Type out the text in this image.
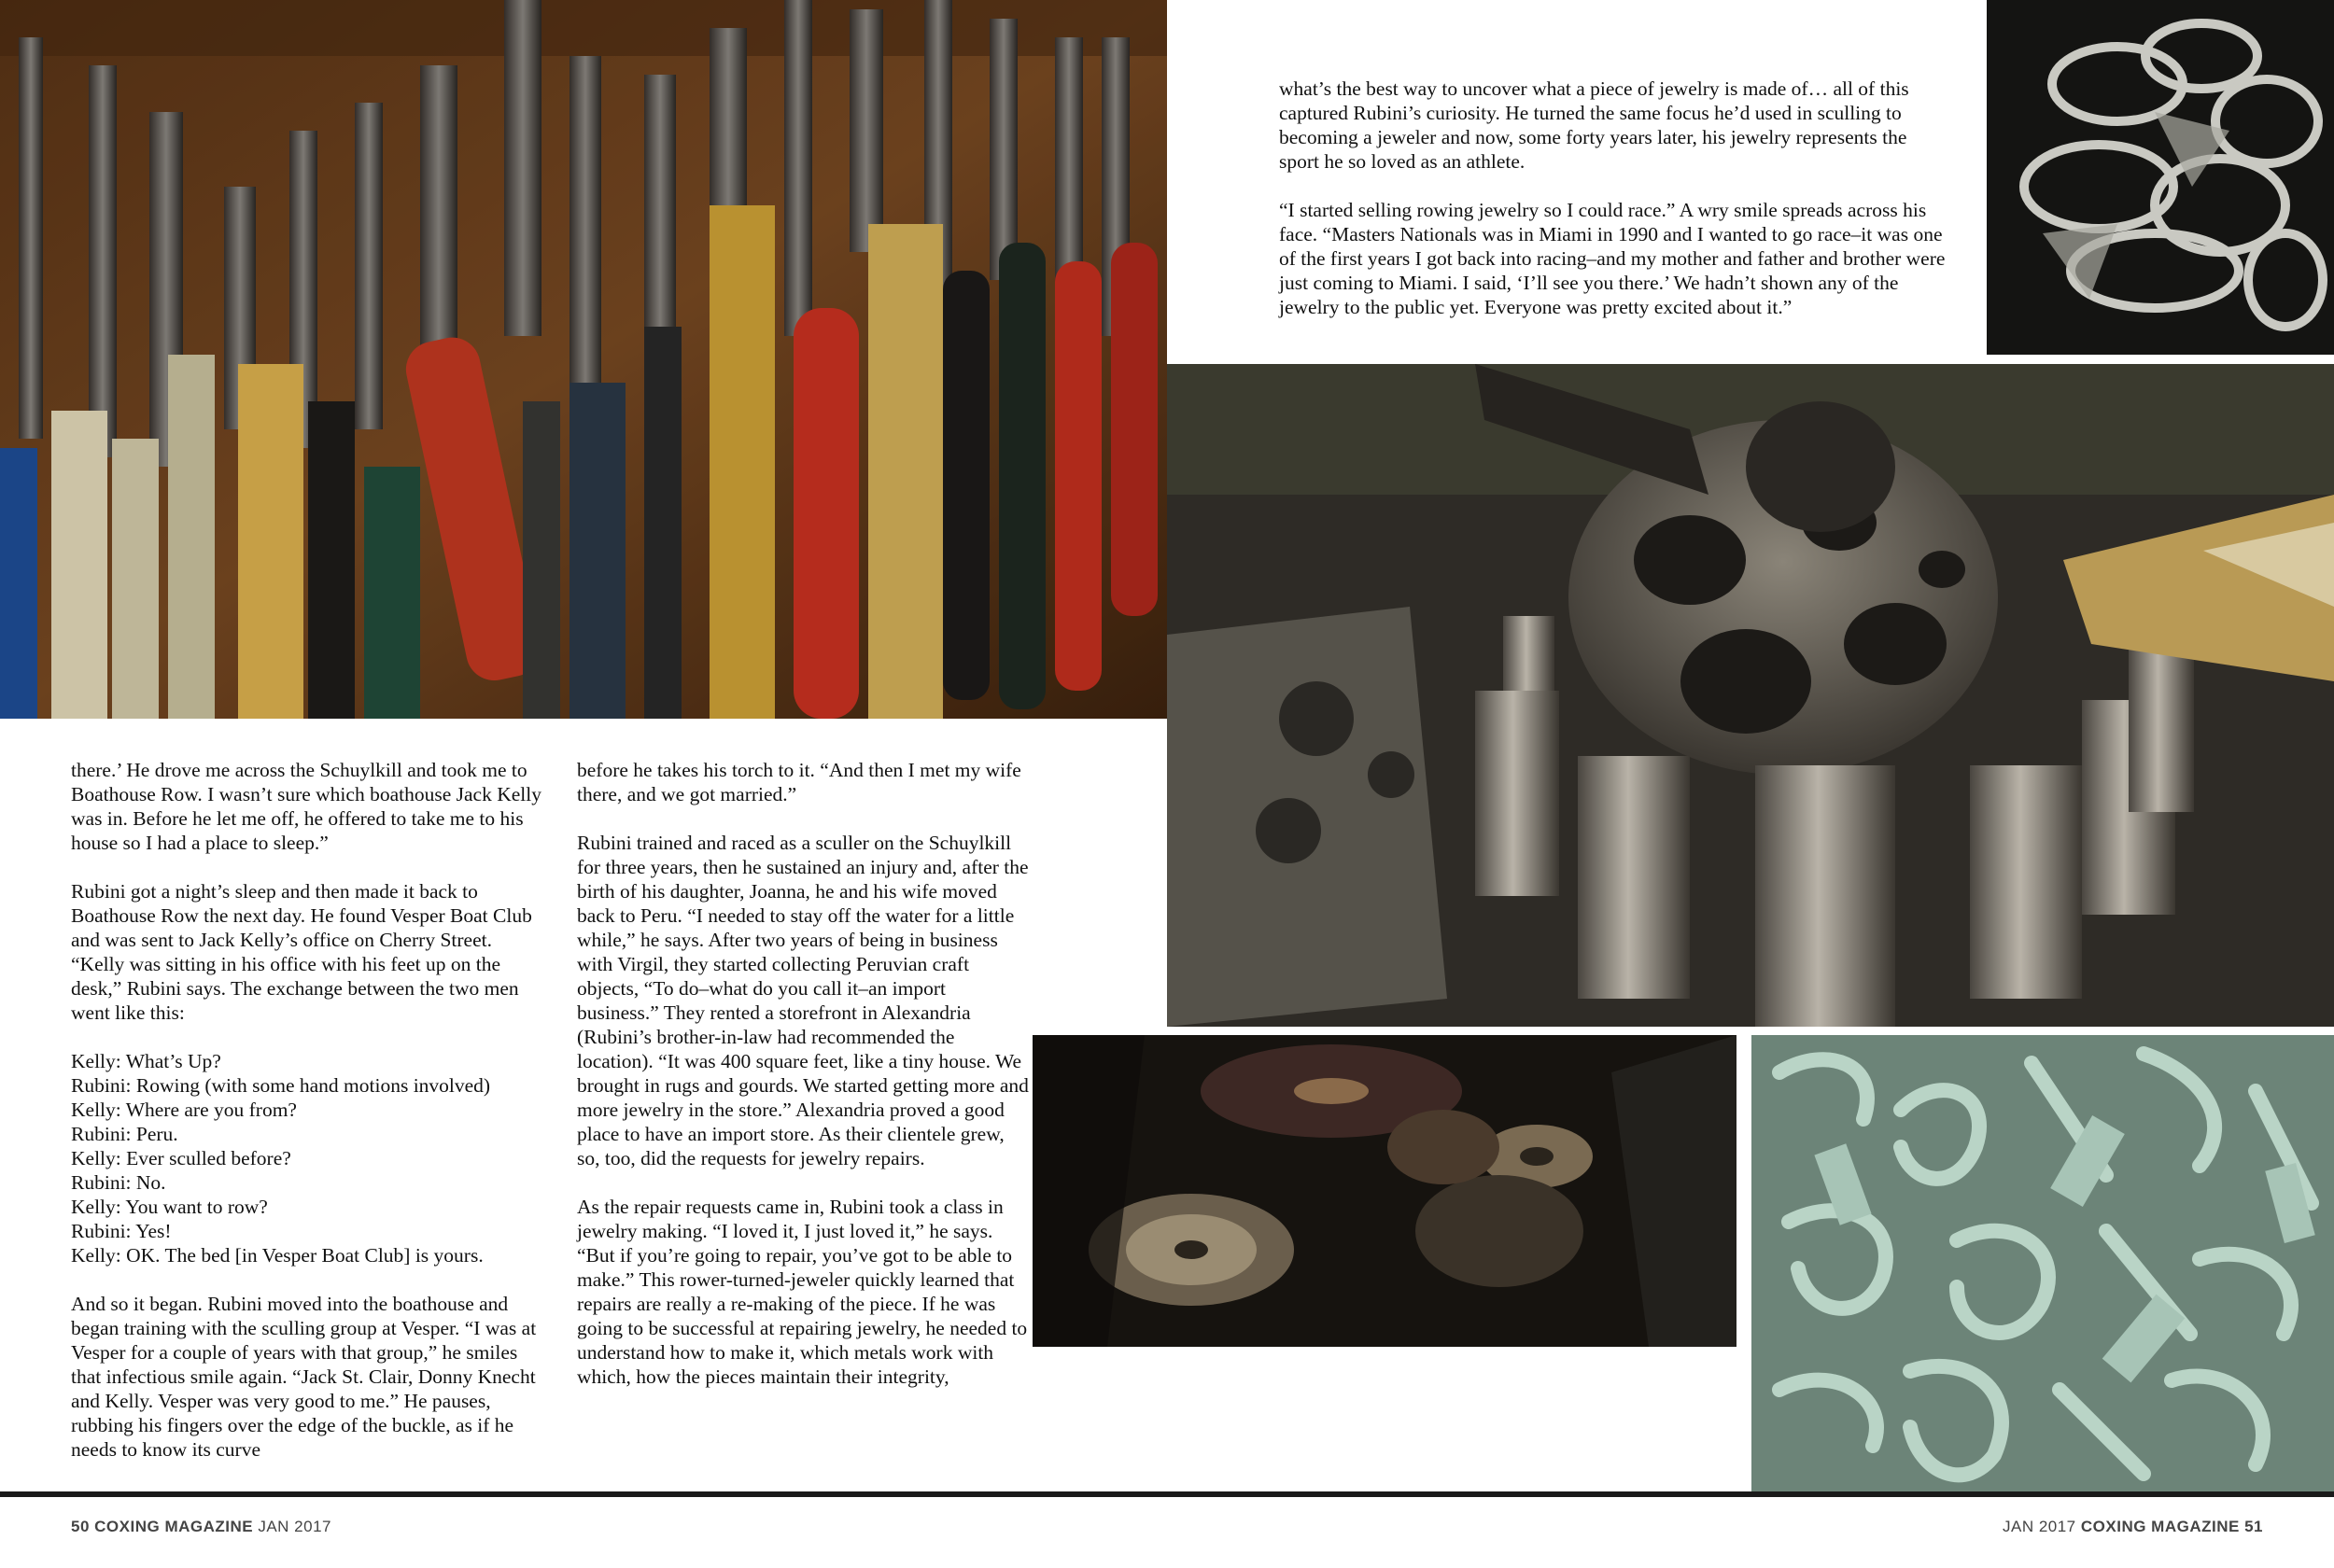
what’s the best way to uncover what a piece of jewelry is made of… all of this captured Rubini’s curiosity. He turned the same focus he’d used in sculling to becoming a jeweler and now, some forty years later, his jewelry represents the sport he so loved as an athlete.

“I started selling rowing jewelry so I could race.” A wry smile spreads across his face. “Masters Nationals was in Miami in 1990 and I wanted to go race–it was one of the first years I got back into racing–and my mother and father and brother were just coming to Miami. I said, ‘I’ll see you there.’ We hadn’t shown any of the jewelry to the public yet. Everyone was pretty excited about it.”

there.’ He drove me across the Schuylkill and took me to Boathouse Row. I wasn’t sure which boathouse Jack Kelly was in. Before he let me off, he offered to take me to his house so I had a place to sleep.”

Rubini got a night’s sleep and then made it back to Boathouse Row the next day. He found Vesper Boat Club and was sent to Jack Kelly’s office on Cherry Street. “Kelly was sitting in his office with his feet up on the desk,” Rubini says. The exchange between the two men went like this:

Kelly: What’s Up?
Rubini: Rowing (with some hand motions involved)
Kelly: Where are you from?
Rubini: Peru.
Kelly: Ever sculled before?
Rubini: No.
Kelly: You want to row?
Rubini: Yes!
Kelly: OK. The bed [in Vesper Boat Club] is yours.

And so it began. Rubini moved into the boathouse and began training with the sculling group at Vesper. “I was at Vesper for a couple of years with that group,” he smiles that infectious smile again. “Jack St. Clair, Donny Knecht and Kelly. Vesper was very good to me.” He pauses, rubbing his fingers over the edge of the buckle, as if he needs to know its curve

before he takes his torch to it. “And then I met my wife there, and we got married.”

Rubini trained and raced as a sculler on the Schuylkill for three years, then he sustained an injury and, after the birth of his daughter, Joanna, he and his wife moved back to Peru. “I needed to stay off the water for a little while,” he says. After two years of being in business with Virgil, they started collecting Peruvian craft objects, “To do–what do you call it–an import business.” They rented a storefront in Alexandria (Rubini’s brother-in-law had recommended the location). “It was 400 square feet, like a tiny house. We brought in rugs and gourds. We started getting more and more jewelry in the store.” Alexandria proved a good place to have an import store. As their clientele grew, so, too, did the requests for jewelry repairs.

As the repair requests came in, Rubini took a class in jewelry making. “I loved it, I just loved it,” he says. “But if you’re going to repair, you’ve got to be able to make.” This rower-turned-jeweler quickly learned that repairs are really a re-making of the piece. If he was going to be successful at repairing jewelry, he needed to understand how to make it, which metals work with which, how the pieces maintain their integrity,

50 COXING MAGAZINE JAN 2017	JAN 2017 COXING MAGAZINE 51
